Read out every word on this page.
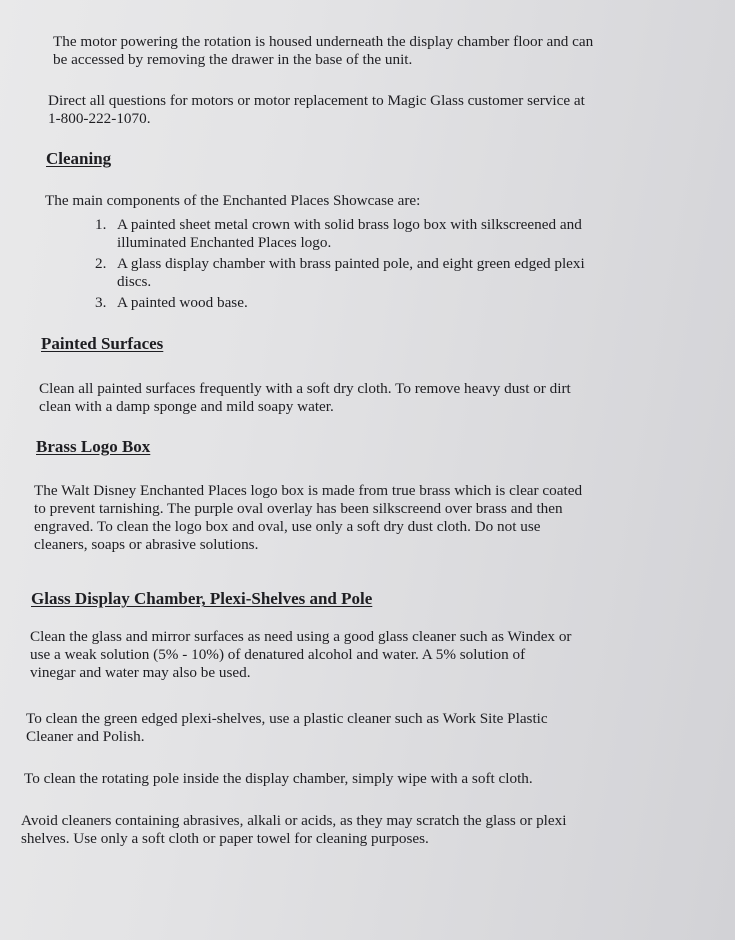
The motor powering the rotation is housed underneath the display chamber floor and can
be accessed by removing the drawer in the base of the unit.

Direct all questions for motors or motor replacement to Magic Glass customer service at
1-800-222-1070.

Cleaning

The main components of the Enchanted Places Showcase are:

1. A painted sheet metal crown with solid brass logo box with silkscreened and
illuminated Enchanted Places logo.
2. A glass display chamber with brass painted pole, and eight green edged plexi
discs.
3. A painted wood base.
Painted Surfaces

Clean all painted surfaces frequently with a soft dry cloth. To remove heavy dust or dirt
clean with a damp sponge and mild soapy water.

Brass Logo Box

The Walt Disney Enchanted Places logo box is made from true brass which is clear coated
to prevent tarnishing. The purple oval overlay has been silkscreend over brass and then
engraved. To clean the logo box and oval, use only a soft dry dust cloth. Do not use
cleaners, soaps or abrasive solutions.

Glass Display Chamber, Plexi-Shelves and Pole

Clean the glass and mirror surfaces as need using a good glass cleaner such as Windex or
use a weak solution (5% - 10%) of denatured alcohol and water. A 5% solution of
vinegar and water may also be used.

To clean the green edged plexi-shelves, use a plastic cleaner such as Work Site Plastic
Cleaner and Polish.

To clean the rotating pole inside the display chamber, simply wipe with a soft cloth.

Avoid cleaners containing abrasives, alkali or acids, as they may scratch the glass or plexi
shelves. Use only a soft cloth or paper towel for cleaning purposes.
